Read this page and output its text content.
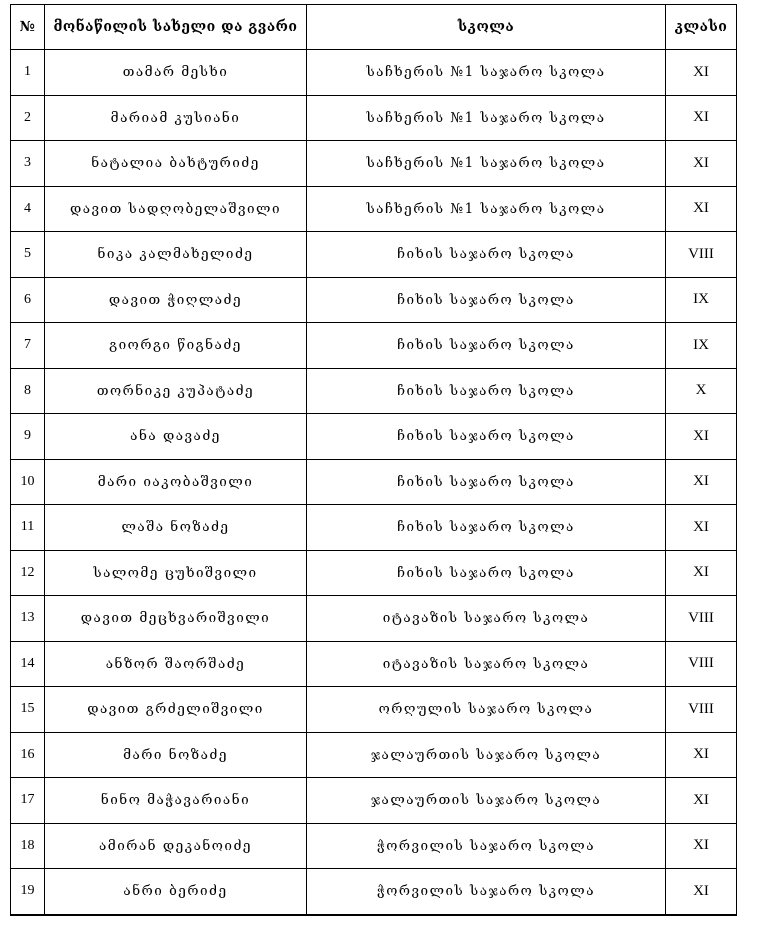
№	მონაწილის სახელი და გვარი	სკოლა	კლასი
1	თამარ მესხი	საჩხერის №1 საჯარო სკოლა	XI
2	მარიამ კუსიანი	საჩხერის №1 საჯარო სკოლა	XI
3	ნატალია ბახტურიძე	საჩხერის №1 საჯარო სკოლა	XI
4	დავით სადღობელაშვილი	საჩხერის №1 საჯარო სკოლა	XI
5	ნიკა კალმახელიძე	ჩიხის საჯარო სკოლა	VIII
6	დავით ჭიღლაძე	ჩიხის საჯარო სკოლა	IX
7	გიორგი წიგნაძე	ჩიხის საჯარო სკოლა	IX
8	თორნიკე კუპატაძე	ჩიხის საჯარო სკოლა	X
9	ანა დავაძე	ჩიხის საჯარო სკოლა	XI
10	მარი იაკობაშვილი	ჩიხის საჯარო სკოლა	XI
11	ლაშა ნოზაძე	ჩიხის საჯარო სკოლა	XI
12	სალომე ცუხიშვილი	ჩიხის საჯარო სკოლა	XI
13	დავით მეცხვარიშვილი	იტავაზის საჯარო სკოლა	VIII
14	ანზორ შაორშაძე	იტავაზის საჯარო სკოლა	VIII
15	დავით გრძელიშვილი	ორღულის საჯარო სკოლა	VIII
16	მარი ნოზაძე	ჯალაურთის საჯარო სკოლა	XI
17	ნინო მაჭავარიანი	ჯალაურთის საჯარო სკოლა	XI
18	ამირან დეკანოიძე	ჭორვილის საჯარო სკოლა	XI
19	ანრი ბერიძე	ჭორვილის საჯარო სკოლა	XI
